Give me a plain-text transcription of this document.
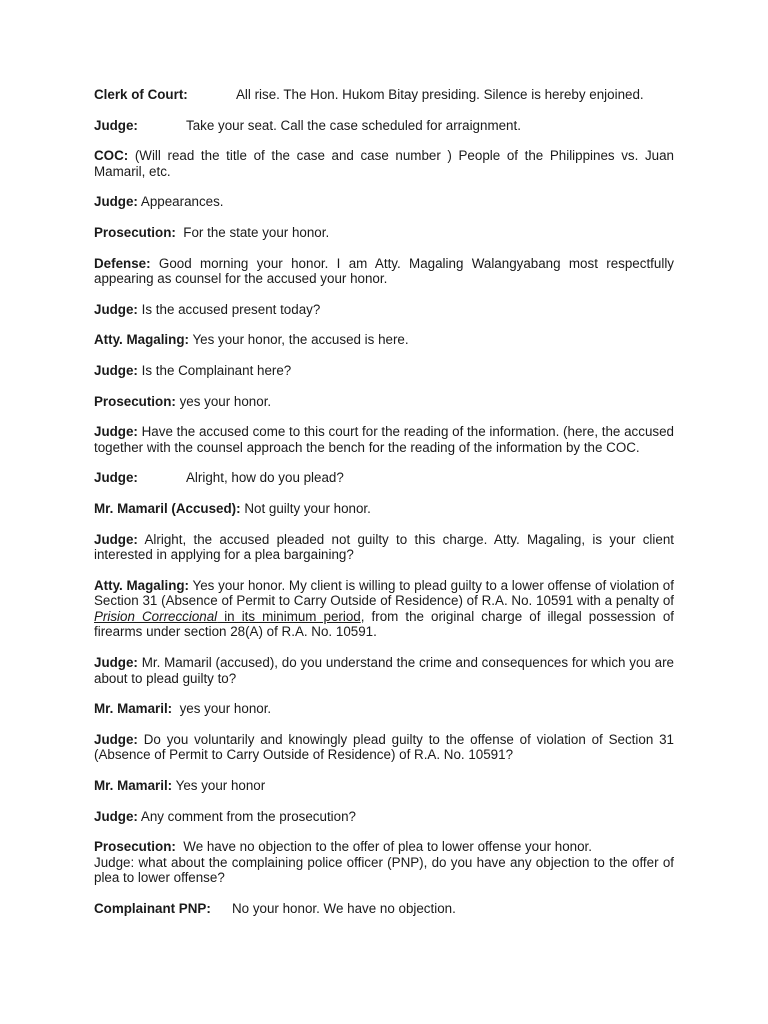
Clerk of Court:	All rise. The Hon. Hukom Bitay presiding. Silence is hereby enjoined.

Judge:	Take your seat. Call the case scheduled for arraignment.

COC: (Will read the title of the case and case number ) People of the Philippines vs. Juan Mamaril, etc.

Judge: Appearances.

Prosecution: For the state your honor.

Defense: Good morning your honor. I am Atty. Magaling Walangyabang most respectfully appearing as counsel for the accused your honor.

Judge: Is the accused present today?

Atty. Magaling: Yes your honor, the accused is here.

Judge: Is the Complainant here?

Prosecution: yes your honor.

Judge: Have the accused come to this court for the reading of the information. (here, the accused together with the counsel approach the bench for the reading of the information by the COC.

Judge:	Alright, how do you plead?

Mr. Mamaril (Accused): Not guilty your honor.

Judge: Alright, the accused pleaded not guilty to this charge. Atty. Magaling, is your client interested in applying for a plea bargaining?

Atty. Magaling: Yes your honor. My client is willing to plead guilty to a lower offense of violation of Section 31 (Absence of Permit to Carry Outside of Residence) of R.A. No. 10591 with a penalty of Prision Correccional in its minimum period, from the original charge of illegal possession of firearms under section 28(A) of R.A. No. 10591.

Judge: Mr. Mamaril (accused), do you understand the crime and consequences for which you are about to plead guilty to?

Mr. Mamaril: yes your honor.

Judge: Do you voluntarily and knowingly plead guilty to the offense of violation of Section 31 (Absence of Permit to Carry Outside of Residence) of R.A. No. 10591?

Mr. Mamaril: Yes your honor

Judge: Any comment from the prosecution?

Prosecution: We have no objection to the offer of plea to lower offense your honor.

Judge: what about the complaining police officer (PNP), do you have any objection to the offer of plea to lower offense?

Complainant PNP: No your honor. We have no objection.
